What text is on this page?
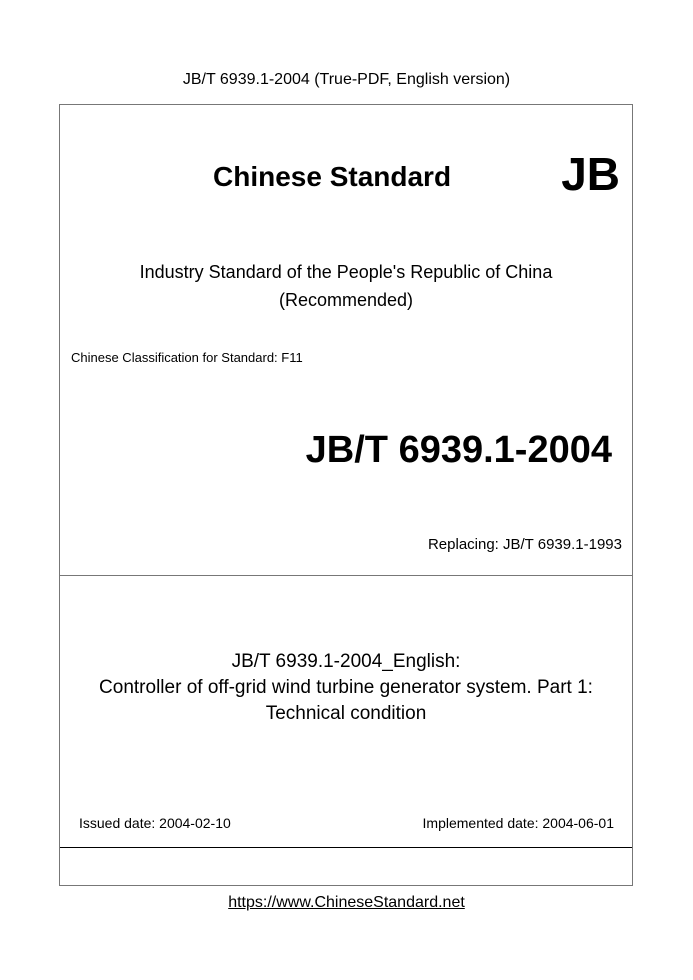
JB/T 6939.1-2004 (True-PDF, English version)
Chinese Standard JB
Industry Standard of the People's Republic of China
(Recommended)
Chinese Classification for Standard: F11
JB/T 6939.1-2004
Replacing: JB/T 6939.1-1993
JB/T 6939.1-2004_English:
Controller of off-grid wind turbine generator system. Part 1:
Technical condition
Issued date: 2004-02-10	Implemented date: 2004-06-01
https://www.ChineseStandard.net
